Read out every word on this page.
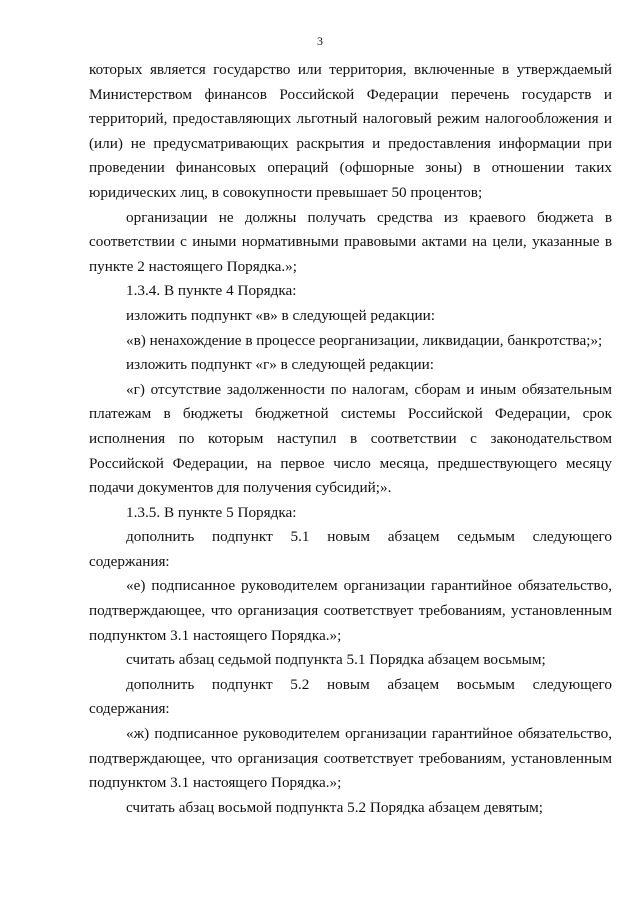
3

которых является государство или территория, включенные в утверждаемый Министерством финансов Российской Федерации перечень государств и территорий, предоставляющих льготный налоговый режим налогообложения и (или) не предусматривающих раскрытия и предоставления информации при проведении финансовых операций (офшорные зоны) в отношении таких юридических лиц, в совокупности превышает 50 процентов;

организации не должны получать средства из краевого бюджета в соответствии с иными нормативными правовыми актами на цели, указанные в пункте 2 настоящего Порядка.»;

1.3.4. В пункте 4 Порядка:

изложить подпункт «в» в следующей редакции:

«в) ненахождение в процессе реорганизации, ликвидации, банкротства;»;

изложить подпункт «г» в следующей редакции:

«г) отсутствие задолженности по налогам, сборам и иным обязательным платежам в бюджеты бюджетной системы Российской Федерации, срок исполнения по которым наступил в соответствии с законодательством Российской Федерации, на первое число месяца, предшествующего месяцу подачи документов для получения субсидий;».

1.3.5. В пункте 5 Порядка:

дополнить подпункт 5.1 новым абзацем седьмым следующего содержания:

«е) подписанное руководителем организации гарантийное обязательство, подтверждающее, что организация соответствует требованиям, установленным подпунктом 3.1 настоящего Порядка.»;

считать абзац седьмой подпункта 5.1 Порядка абзацем восьмым;

дополнить подпункт 5.2 новым абзацем восьмым следующего содержания:

«ж) подписанное руководителем организации гарантийное обязательство, подтверждающее, что организация соответствует требованиям, установленным подпунктом 3.1 настоящего Порядка.»;

считать абзац восьмой подпункта 5.2 Порядка абзацем девятым;
